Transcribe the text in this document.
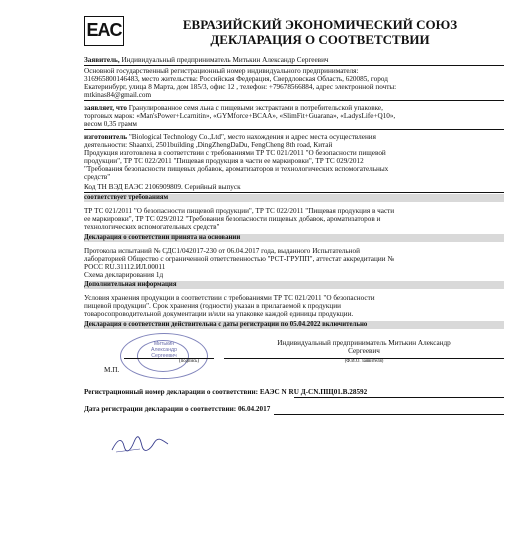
EAC	ЕВРАЗИЙСКИЙ ЭКОНОМИЧЕСКИЙ СОЮЗ
ДЕКЛАРАЦИЯ О СООТВЕТСТВИИ
Заявитель, Индивидуальный предприниматель Митькин Александр Сергеевич
Основной государственный регистрационный номер индивидуального предпринимателя:
316965800146483, место жительства: Российская Федерация, Свердловская Область, 620085, город
Екатеринбург, улица 8 Марта, дом 185/3, офис 12 , телефон: +79678566884, адрес электронной почты:
mtkinas84@gmail.com
заявляет, что Гранулированное семя льна с пищевыми экстрактами в потребительской упаковке,
торговых марок: «Man'sPower+Lcarnitin», «GYMforce+BCAA», «SlimFit+Guarana», «LadysLife+Q10»,
весом 0,35 грамм
изготовитель "Biological Technology Co.,Ltd", место нахождения и адрес места осуществления
деятельности: Shaanxi, 2501building ,DingZhengDaDu, FengCheng 8th road, Китай
Продукция изготовлена в соответствии с требованиями ТР ТС 021/2011 "О безопасности пищевой
продукции", ТР ТС 022/2011 "Пищевая продукция в части ее маркировки", ТР ТС 029/2012
"Требования безопасности пищевых добавок, ароматизаторов и технологических вспомогательных
средств"
Код ТН ВЭД ЕАЭС 2106909809. Серийный выпуск
соответствует требованиям
ТР ТС 021/2011 "О безопасности пищевой продукции", ТР ТС 022/2011 "Пищевая продукция в части
ее маркировки", ТР ТС 029/2012 "Требования безопасности пищевых добавок, ароматизаторов и
технологических вспомогательных средств"
Декларация о соответствии принята на основании
Протокола испытаний № СДС1/042017-230 от 06.04.2017 года, выданного Испытательной
лабораторией Общество с ограниченной ответственностью "РСТ-ГРУПП", аттестат аккредитации №
РОСС RU.31112.ИЛ.00011
Схема декларирования 1д
Дополнительная информация
Условия хранения продукции в соответствии с требованиями ТР ТС 021/2011 "О безопасности
пищевой продукции". Срок хранения (годности) указан в прилагаемой к продукции
товаросопроводительной документации и/или на упаковке каждой единицы продукции.
Декларация о соответствии действительна с даты регистрации по 05.04.2022 включительно
Индивидуальный предприниматель Митькин Александр
Сергеевич
Митькин
Александр
Сергеевич
(подпись)	(Ф.И.О. заявителя)
М.П.
Регистрационный номер декларации о соответствии: ЕАЭС N RU Д-CN.ПЩ01.В.28592
Дата регистрации декларации о соответствии: 06.04.2017
